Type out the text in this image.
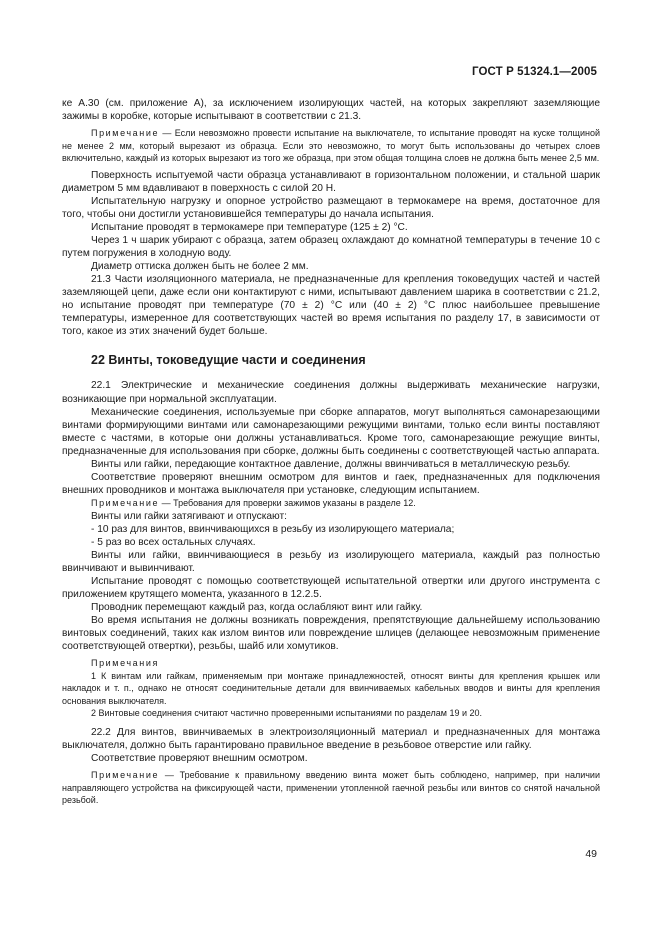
ГОСТ Р 51324.1—2005

ке А.30 (см. приложение А), за исключением изолирующих частей, на которых закрепляют заземляющие зажимы в коробке, которые испытывают в соответствии с 21.3.

Примечание — Если невозможно провести испытание на выключателе, то испытание проводят на куске толщиной не менее 2 мм, который вырезают из образца. Если это невозможно, то могут быть использованы до четырех слоев включительно, каждый из которых вырезают из того же образца, при этом общая толщина слоев не должна быть менее 2,5 мм.

Поверхность испытуемой части образца устанавливают в горизонтальном положении, и стальной шарик диаметром 5 мм вдавливают в поверхность с силой 20 Н.

Испытательную нагрузку и опорное устройство размещают в термокамере на время, достаточное для того, чтобы они достигли установившейся температуры до начала испытания.

Испытание проводят в термокамере при температуре (125 ± 2) °С.

Через 1 ч шарик убирают с образца, затем образец охлаждают до комнатной температуры в течение 10 с путем погружения в холодную воду.

Диаметр оттиска должен быть не более 2 мм.

21.3 Части изоляционного материала, не предназначенные для крепления токоведущих частей и частей заземляющей цепи, даже если они контактируют с ними, испытывают давлением шарика в соответствии с 21.2, но испытание проводят при температуре (70 ± 2) °С или (40 ± 2) °С плюс наибольшее превышение температуры, измеренное для соответствующих частей во время испытания по разделу 17, в зависимости от того, какое из этих значений будет больше.

22 Винты, токоведущие части и соединения

22.1 Электрические и механические соединения должны выдерживать механические нагрузки, возникающие при нормальной эксплуатации.

Механические соединения, используемые при сборке аппаратов, могут выполняться самонарезающими винтами формирующими винтами или самонарезающими режущими винтами, только если винты поставляют вместе с частями, в которые они должны устанавливаться. Кроме того, самонарезающие режущие винты, предназначенные для использования при сборке, должны быть соединены с соответствующей частью аппарата.

Винты или гайки, передающие контактное давление, должны ввинчиваться в металлическую резьбу.

Соответствие проверяют внешним осмотром для винтов и гаек, предназначенных для подключения внешних проводников и монтажа выключателя при установке, следующим испытанием.

Примечание — Требования для проверки зажимов указаны в разделе 12.

Винты или гайки затягивают и отпускают:

- 10 раз для винтов, ввинчивающихся в резьбу из изолирующего материала;

- 5 раз во всех остальных случаях.

Винты или гайки, ввинчивающиеся в резьбу из изолирующего материала, каждый раз полностью ввинчивают и вывинчивают.

Испытание проводят с помощью соответствующей испытательной отвертки или другого инструмента с приложением крутящего момента, указанного в 12.2.5.

Проводник перемещают каждый раз, когда ослабляют винт или гайку.

Во время испытания не должны возникать повреждения, препятствующие дальнейшему использованию винтовых соединений, таких как излом винтов или повреждение шлицев (делающее невозможным применение соответствующей отвертки), резьбы, шайб или хомутиков.

Примечания

1 К винтам или гайкам, применяемым при монтаже принадлежностей, относят винты для крепления крышек или накладок и т. п., однако не относят соединительные детали для ввинчиваемых кабельных вводов и винты для крепления основания выключателя.

2 Винтовые соединения считают частично проверенными испытаниями по разделам 19 и 20.

22.2 Для винтов, ввинчиваемых в электроизоляционный материал и предназначенных для монтажа выключателя, должно быть гарантировано правильное введение в резьбовое отверстие или гайку.

Соответствие проверяют внешним осмотром.

Примечание — Требование к правильному введению винта может быть соблюдено, например, при наличии направляющего устройства на фиксирующей части, применении утопленной гаечной резьбы или винтов со снятой начальной резьбой.

49
